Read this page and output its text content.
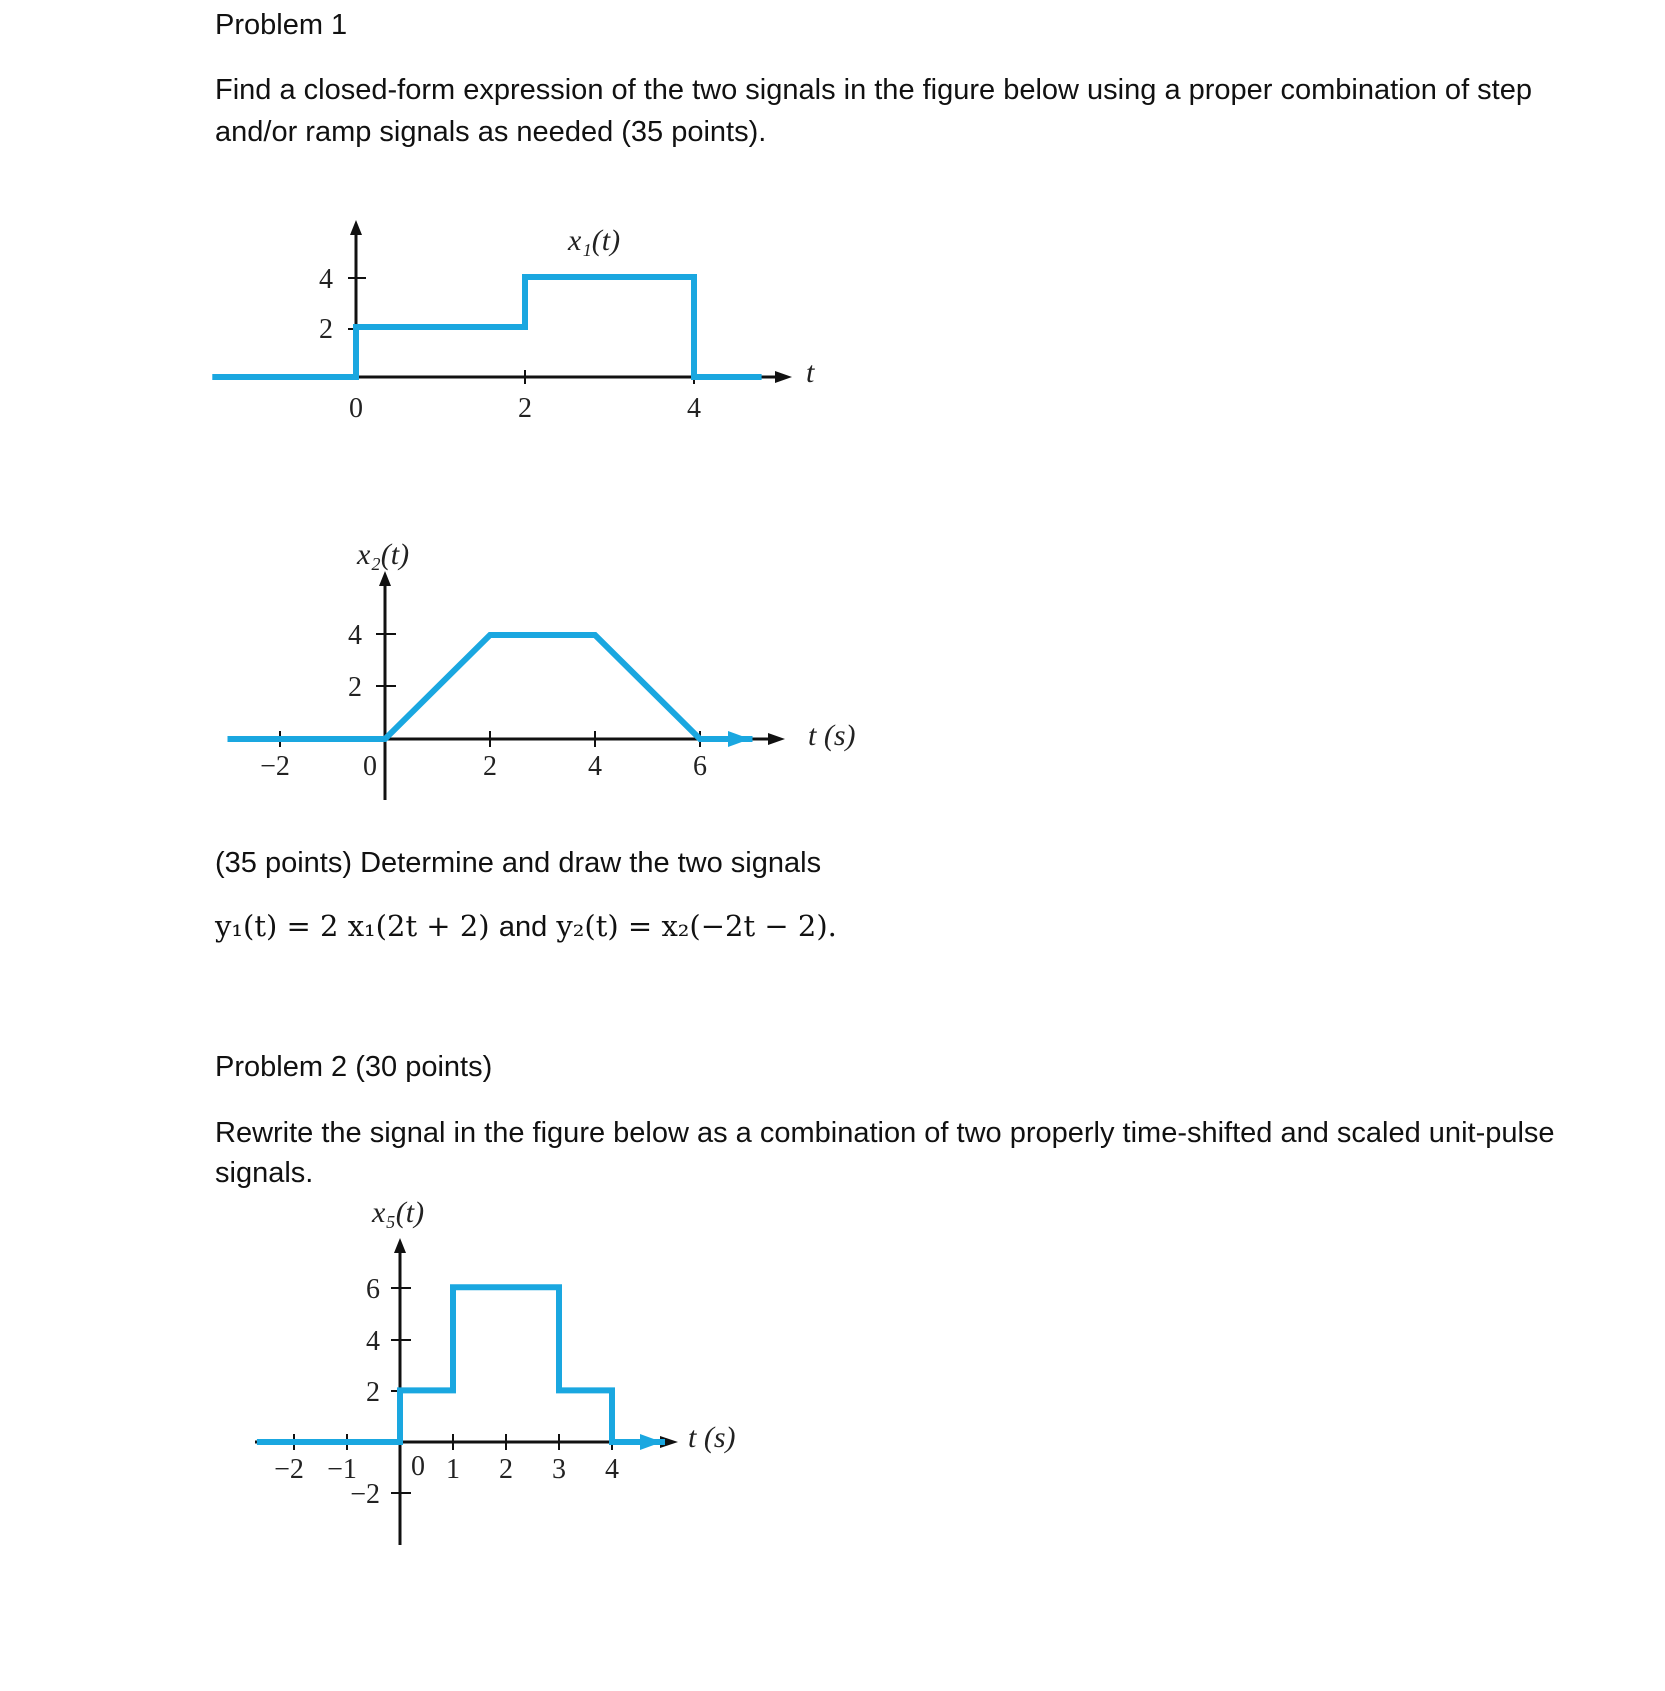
Problem 1

Find a closed-form expression of the two signals in the figure below using a proper combination of step and/or ramp signals as needed (35 points).

4
2
0	2	4
x₁(t)
t
4
2
−2	0	2	4	6
x₂(t)
t (s)

(35 points) Determine and draw the two signals

y₁(t) = 2 x₁(2t + 2) and y₂(t) = x₂(−2t − 2).

Problem 2 (30 points)

Rewrite the signal in the figure below as a combination of two properly time-shifted and scaled unit-pulse signals.

6
4
2
−2
−2 −1 0 1 2 3 4
x₅(t)
t (s)
